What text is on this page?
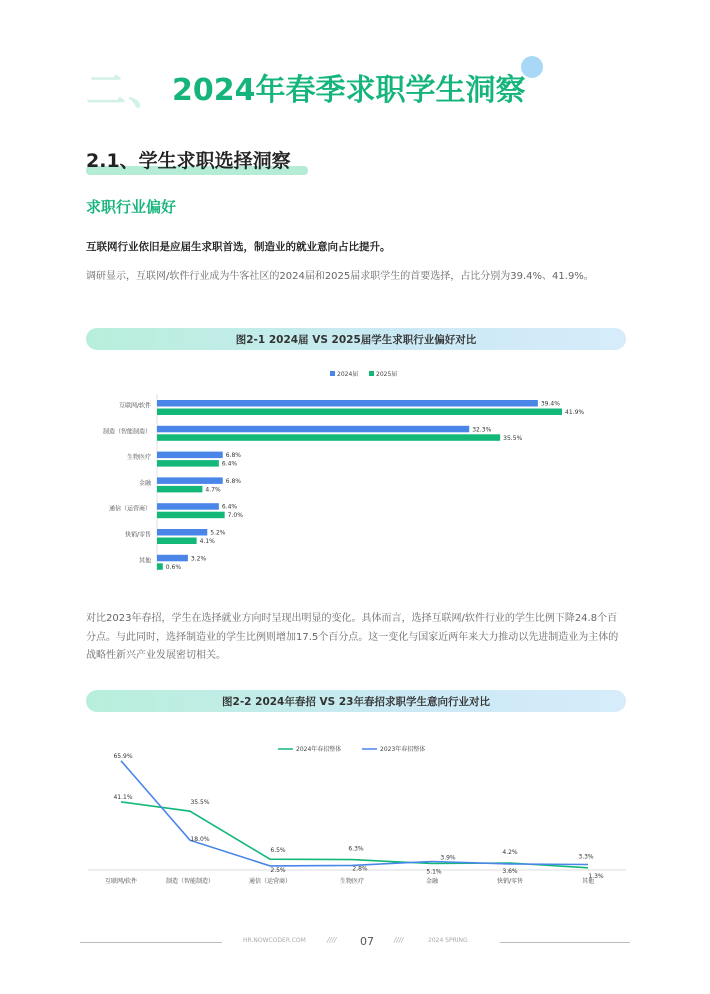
二、 2024年春季求职学生洞察
2.1、学生求职选择洞察
求职行业偏好
互联网行业依旧是应届生求职首选，制造业的就业意向占比提升。
调研显示，互联网/软件行业成为牛客社区的2024届和2025届求职学生的首要选择，占比分别为39.4%、41.9%。
图2-1 2024届 VS 2025届学生求职行业偏好对比
2024届	2025届
互联网/软件	39.4%
41.9%
制造（智能制造）	32.3%
35.5%
生物医疗	6.8%
6.4%
金融	6.8%
4.7%
通信（运营商）	6.4%
7.0%
快销/零售	5.2%
4.1%
其他	3.2%
0.6%
对比2023年春招，学生在选择就业方向时呈现出明显的变化。具体而言，选择互联网/软件行业的学生比例下降24.8个百分点。与此同时，选择制造业的学生比例则增加17.5个百分点。这一变化与国家近两年来大力推动以先进制造业为主体的战略性新兴产业发展密切相关。
图2-2 2024年春招 VS 23年春招求职学生意向行业对比
2024年春招整体	2023年春招整体
41.1%
65.9%
35.5%
18.0%
6.5%
2.5%
6.3%
2.8%
3.9%
5.1%
4.2%
3.6%
1.3%
3.3%
互联网/软件	制造（智能制造）	通信（运营商）	生物医疗	金融	快销/零售	其他
HR.NOWCODER.COM	//// 07	////	2024 SPRING
